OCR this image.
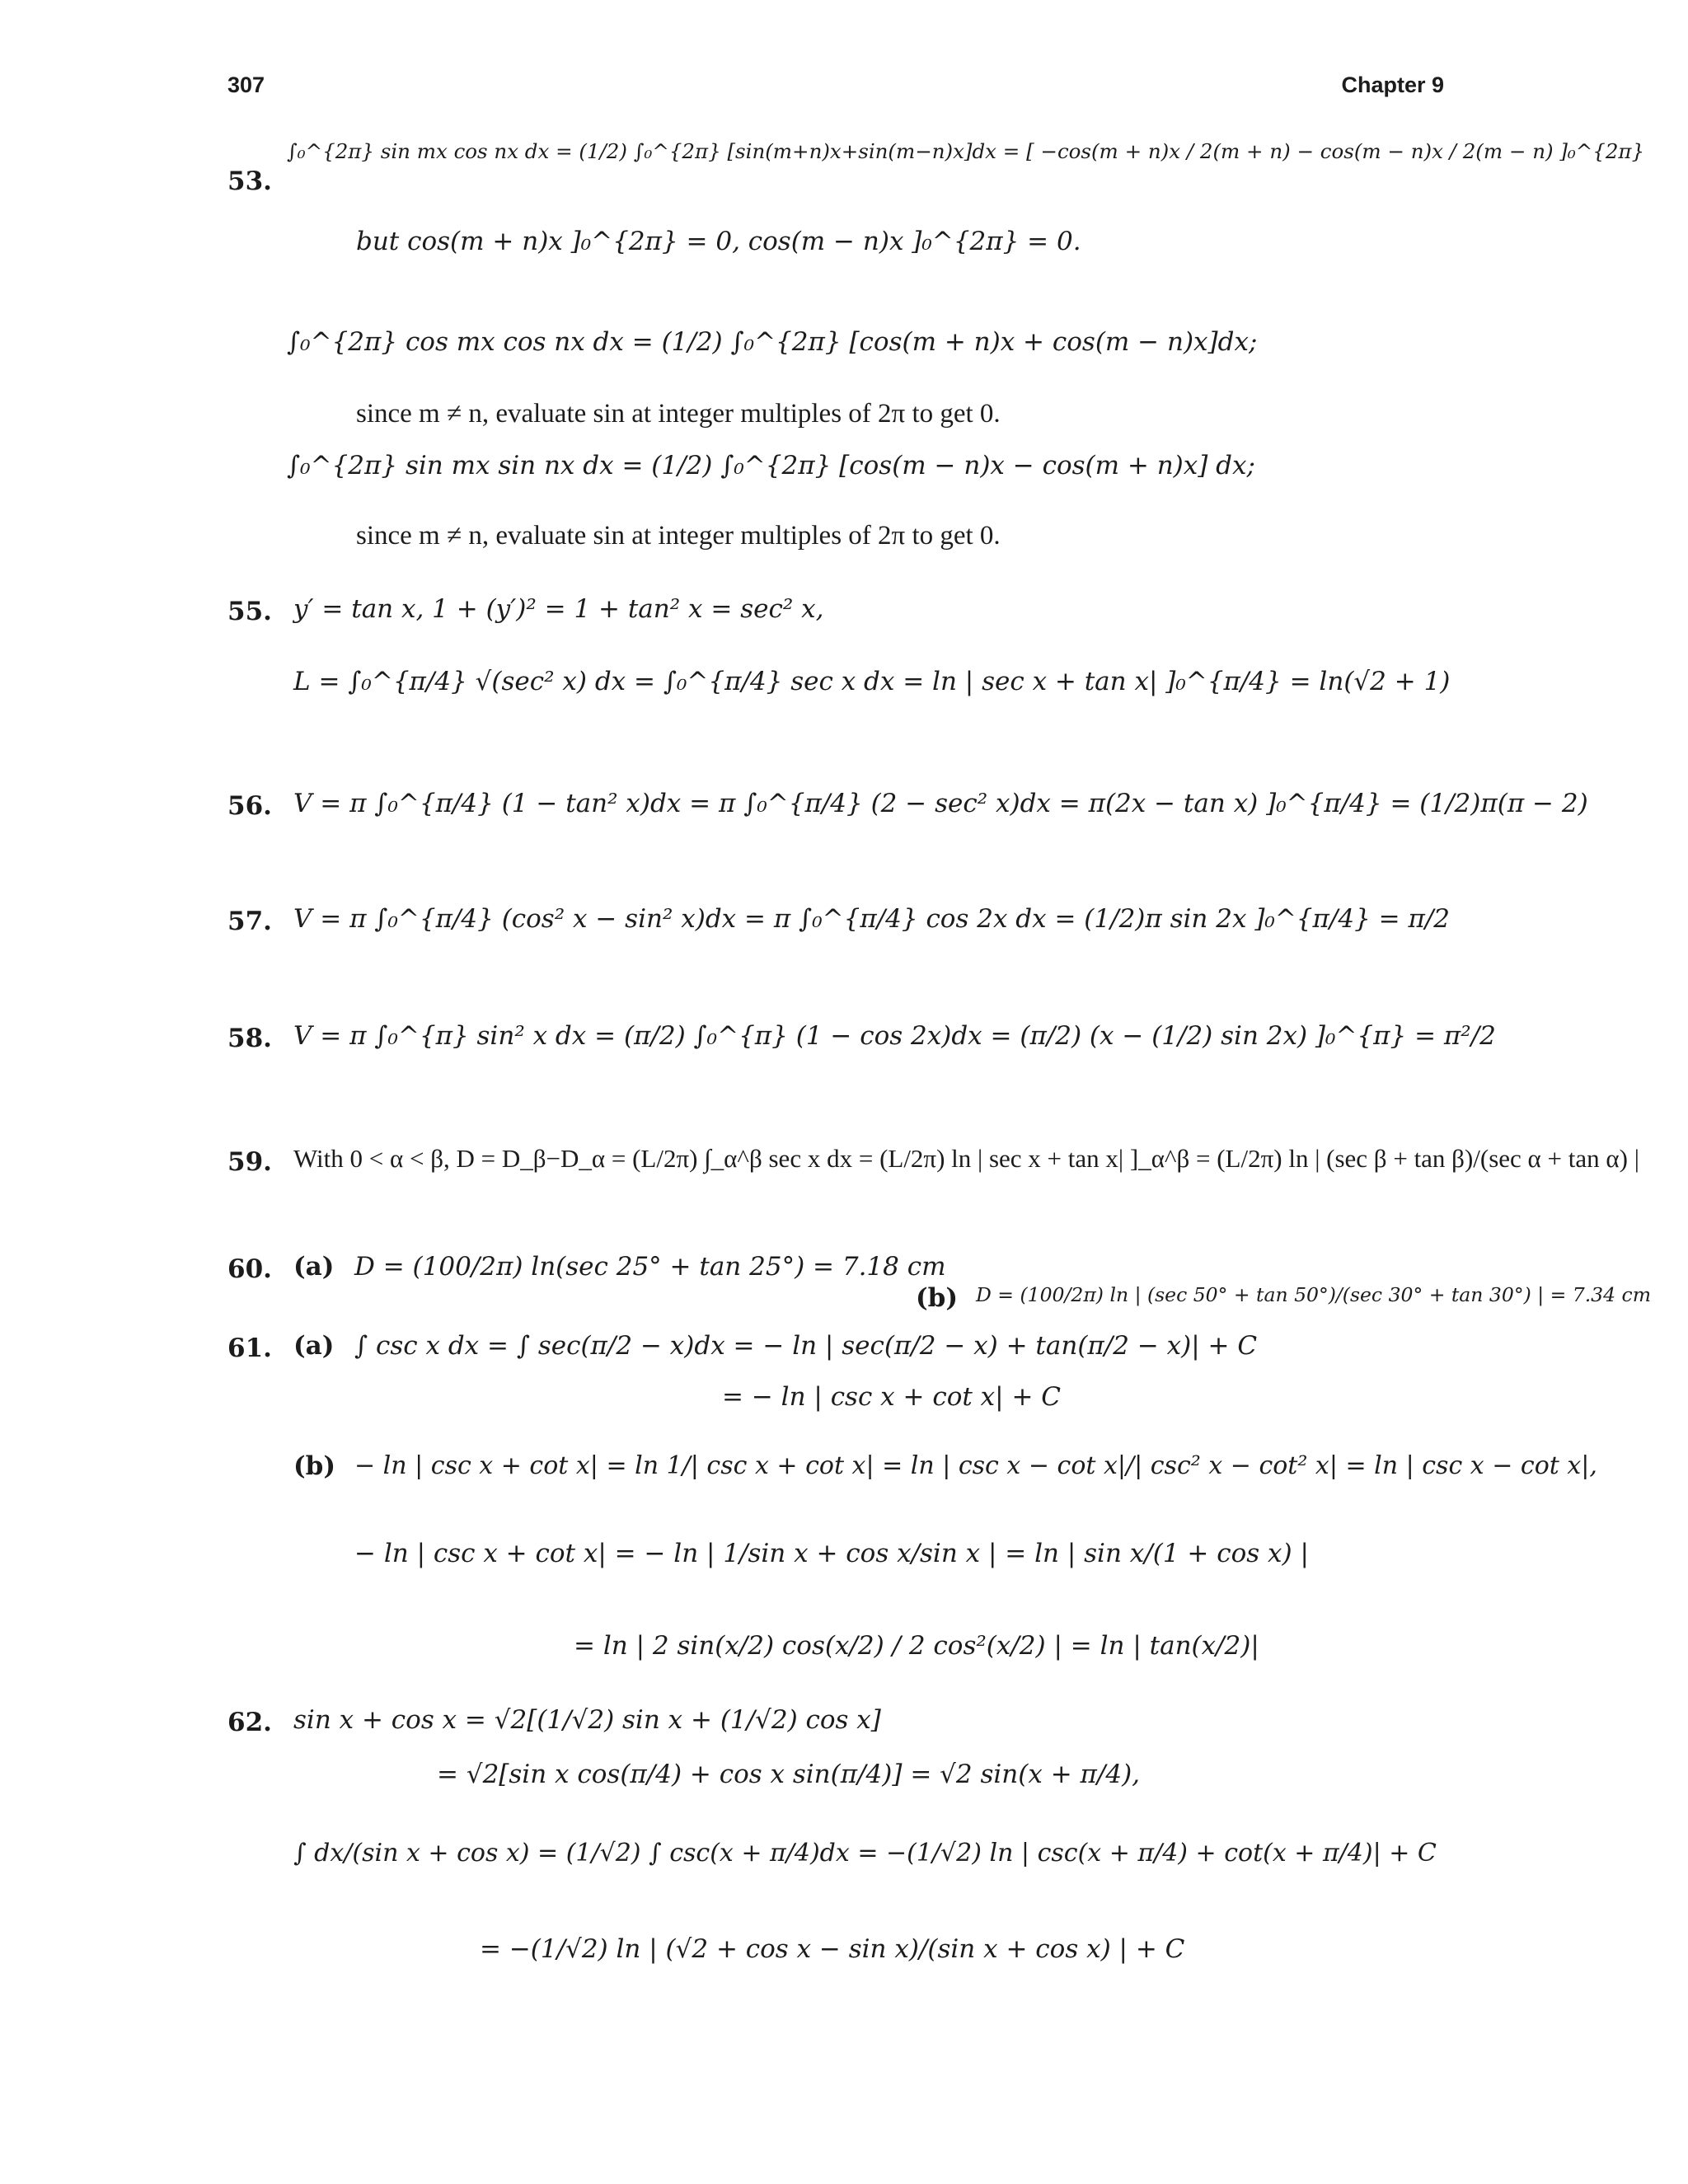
307	Chapter 9
53.
∫₀^{2π} sin mx cos nx dx = (1/2) ∫₀^{2π} [sin(m+n)x+sin(m−n)x]dx = [ −cos(m + n)x / 2(m + n) − cos(m − n)x / 2(m − n) ]₀^{2π}
but cos(m + n)x ]₀^{2π} = 0, cos(m − n)x ]₀^{2π} = 0.
∫₀^{2π} cos mx cos nx dx = (1/2) ∫₀^{2π} [cos(m + n)x + cos(m − n)x]dx;
since m ≠ n, evaluate sin at integer multiples of 2π to get 0.
∫₀^{2π} sin mx sin nx dx = (1/2) ∫₀^{2π} [cos(m − n)x − cos(m + n)x] dx;
since m ≠ n, evaluate sin at integer multiples of 2π to get 0.
55. y′ = tan x, 1 + (y′)² = 1 + tan² x = sec² x,
L = ∫₀^{π/4} √(sec² x) dx = ∫₀^{π/4} sec x dx = ln | sec x + tan x| ]₀^{π/4} = ln(√2 + 1)
56. V = π ∫₀^{π/4} (1 − tan² x)dx = π ∫₀^{π/4} (2 − sec² x)dx = π(2x − tan x) ]₀^{π/4} = (1/2)π(π − 2)
57. V = π ∫₀^{π/4} (cos² x − sin² x)dx = π ∫₀^{π/4} cos 2x dx = (1/2)π sin 2x ]₀^{π/4} = π/2
58. V = π ∫₀^{π} sin² x dx = (π/2) ∫₀^{π} (1 − cos 2x)dx = (π/2) (x − (1/2) sin 2x) ]₀^{π} = π²/2
59. With 0 < α < β, D = D_β−D_α = (L/2π) ∫_α^β sec x dx = (L/2π) ln | sec x + tan x| ]_α^β = (L/2π) ln | (sec β + tan β)/(sec α + tan α) |
60. (a) D = (100/2π) ln(sec 25° + tan 25°) = 7.18 cm
(b) D = (100/2π) ln | (sec 50° + tan 50°)/(sec 30° + tan 30°) | = 7.34 cm
61. (a) ∫ csc x dx = ∫ sec(π/2 − x)dx = − ln | sec(π/2 − x) + tan(π/2 − x)| + C
= − ln | csc x + cot x| + C
(b) − ln | csc x + cot x| = ln 1/| csc x + cot x| = ln | csc x − cot x|/| csc² x − cot² x| = ln | csc x − cot x|,
− ln | csc x + cot x| = − ln | 1/sin x + cos x/sin x | = ln | sin x/(1 + cos x) |
= ln | 2 sin(x/2) cos(x/2) / 2 cos²(x/2) | = ln | tan(x/2)|
62. sin x + cos x = √2[(1/√2) sin x + (1/√2) cos x]
= √2[sin x cos(π/4) + cos x sin(π/4)] = √2 sin(x + π/4),
∫ dx/(sin x + cos x) = (1/√2) ∫ csc(x + π/4)dx = −(1/√2) ln | csc(x + π/4) + cot(x + π/4)| + C
= −(1/√2) ln | (√2 + cos x − sin x)/(sin x + cos x) | + C
